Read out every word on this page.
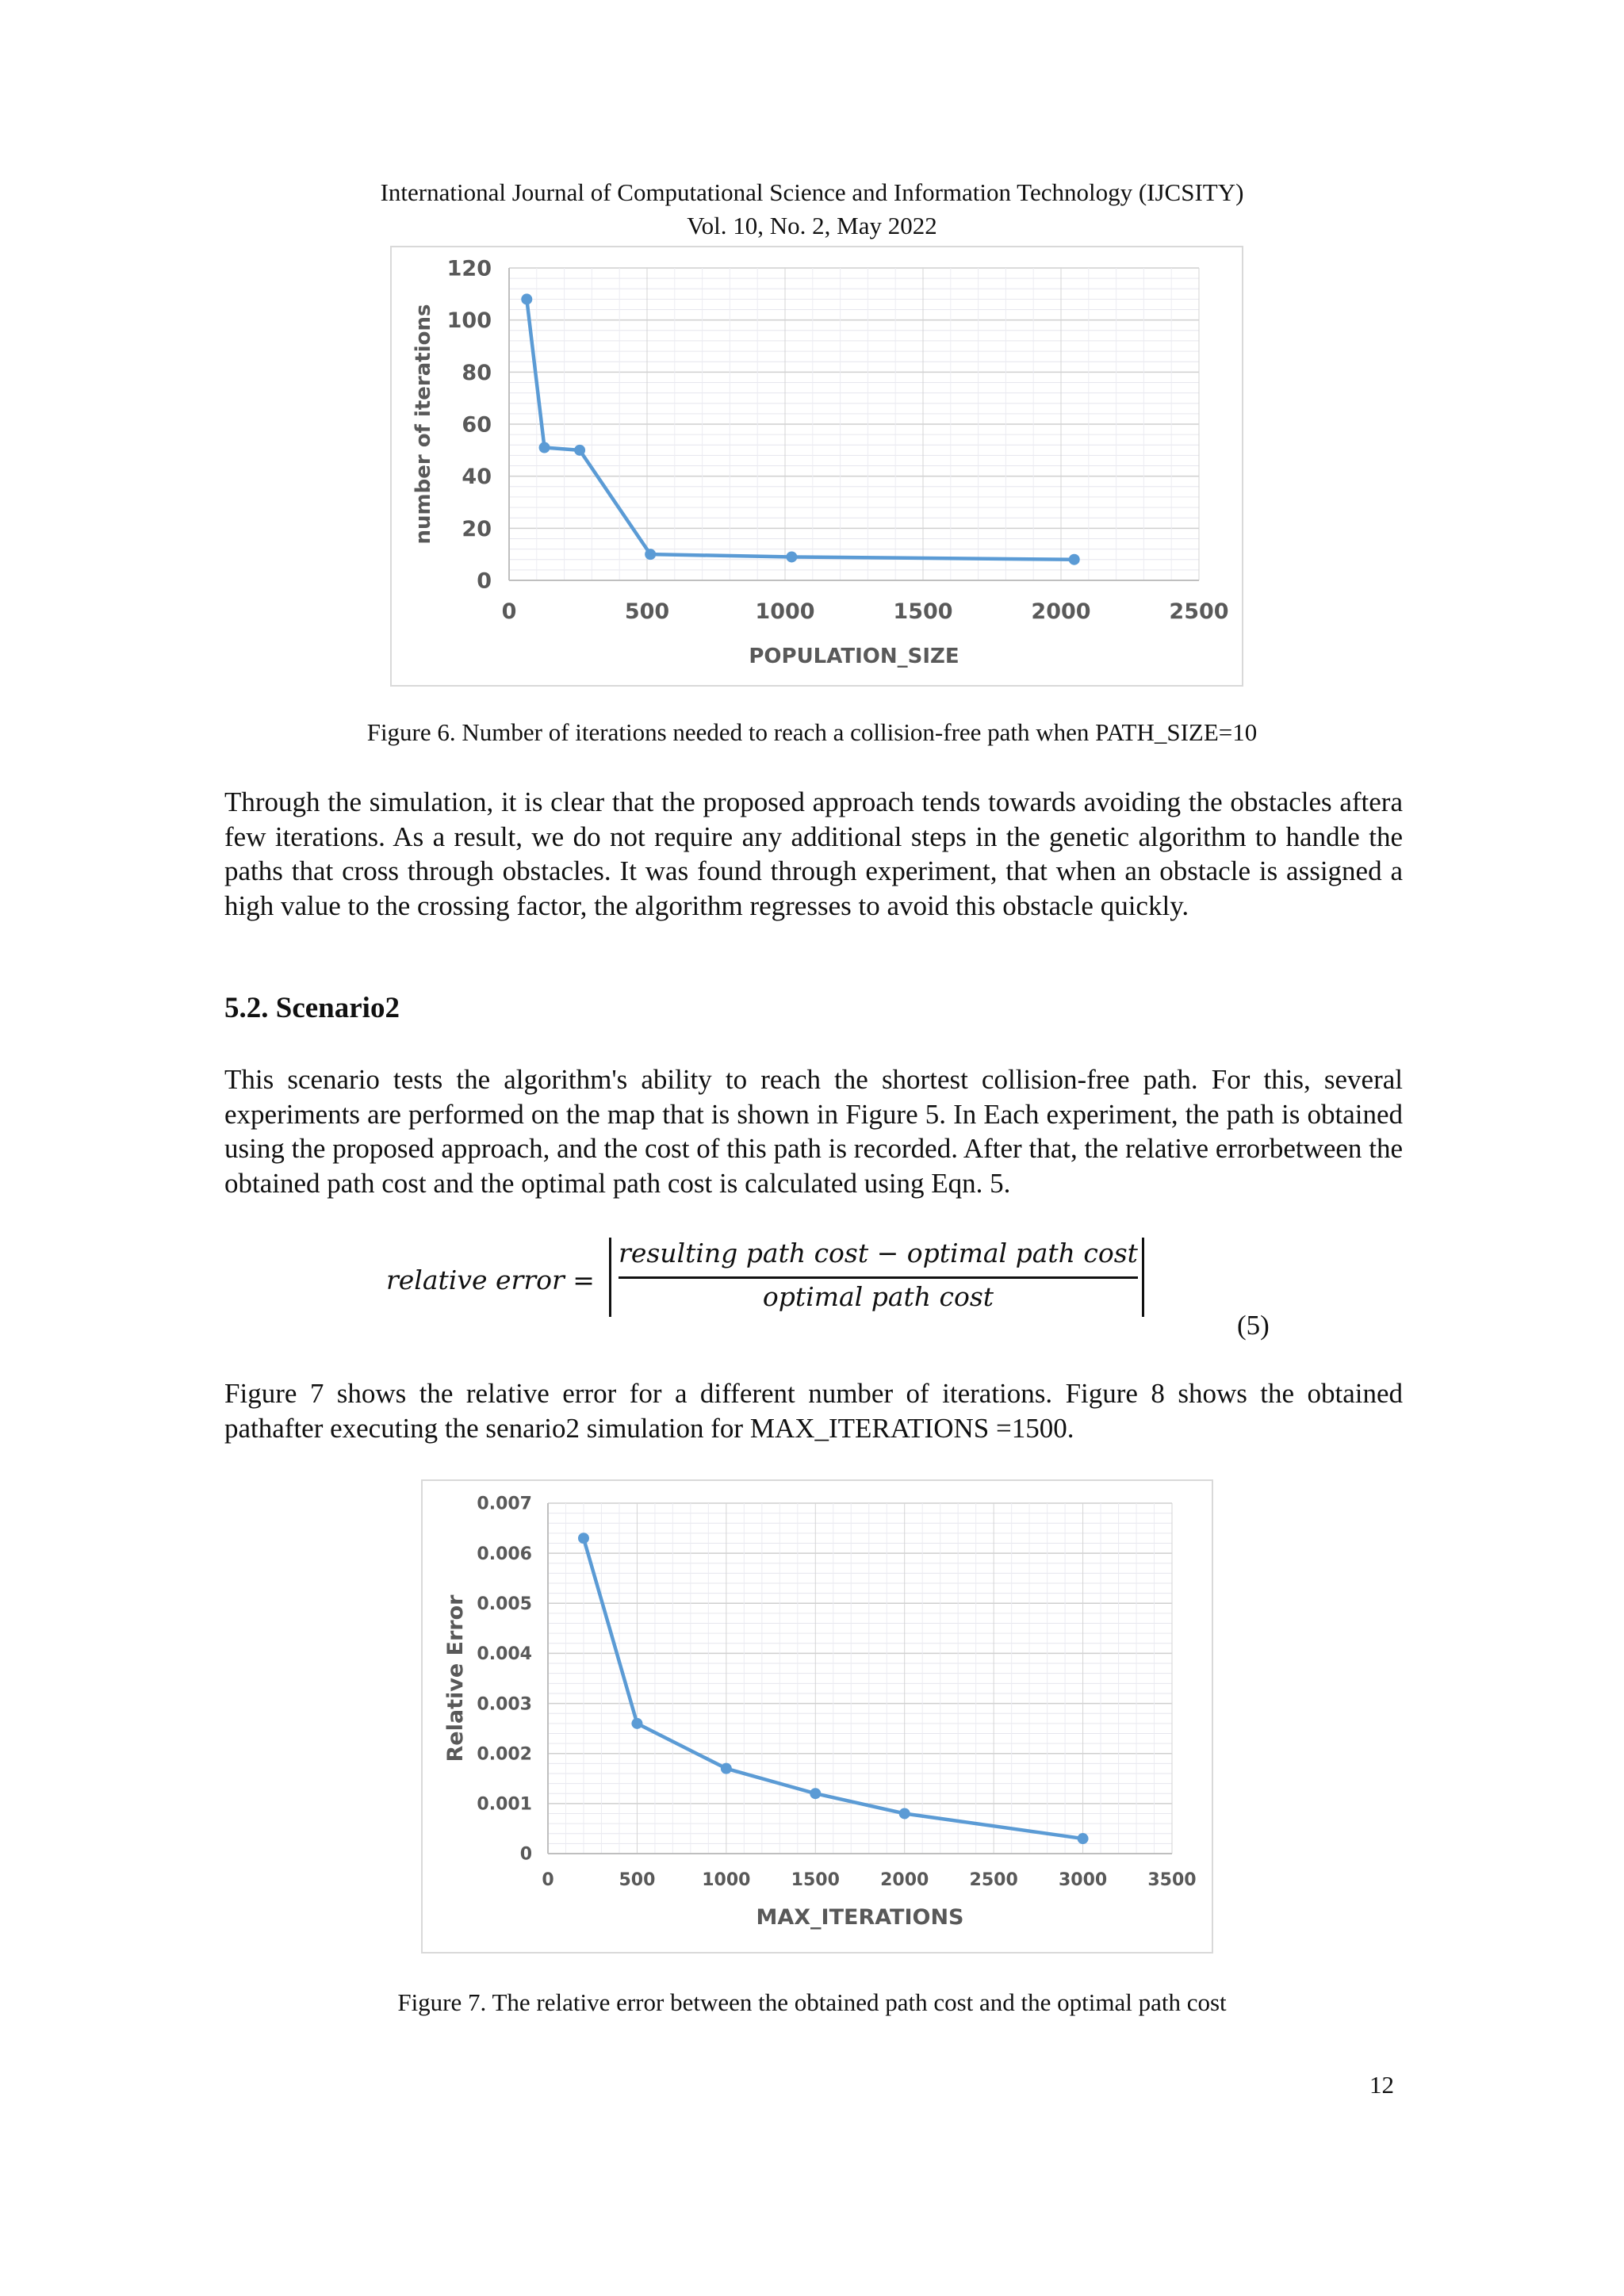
International Journal of Computational Science and Information Technology (IJCSITY)
Vol. 10, No. 2, May 2022
0
20
40
60
80
100
120
0	500	1000	1500	2000	2500
POPULATION_SIZE
number of iterations
Figure 6. Number of iterations needed to reach a collision-free path when PATH_SIZE=10

Through the simulation, it is clear that the proposed approach tends towards avoiding the obstacles aftera few iterations. As a result, we do not require any additional steps in the genetic algorithm to handle the paths that cross through obstacles. It was found through experiment, that when an obstacle is assigned a high value to the crossing factor, the algorithm regresses to avoid this obstacle quickly.

5.2. Scenario2

This scenario tests the algorithm's ability to reach the shortest collision-free path. For this, several experiments are performed on the map that is shown in Figure 5. In Each experiment, the path is obtained using the proposed approach, and the cost of this path is recorded. After that, the relative errorbetween the obtained path cost and the optimal path cost is calculated using Eqn. 5.

relative error =
resulting path cost − optimal path cost
optimal path cost
(5)

Figure 7 shows the relative error for a different number of iterations. Figure 8 shows the obtained pathafter executing the senario2 simulation for MAX_ITERATIONS =1500.

0
0.001
0.002
0.003
0.004
0.005
0.006
0.007
0	500	1000 1500 2000 2500 3000 3500
MAX_ITERATIONS
Relative Error
Figure 7. The relative error between the obtained path cost and the optimal path cost
12
